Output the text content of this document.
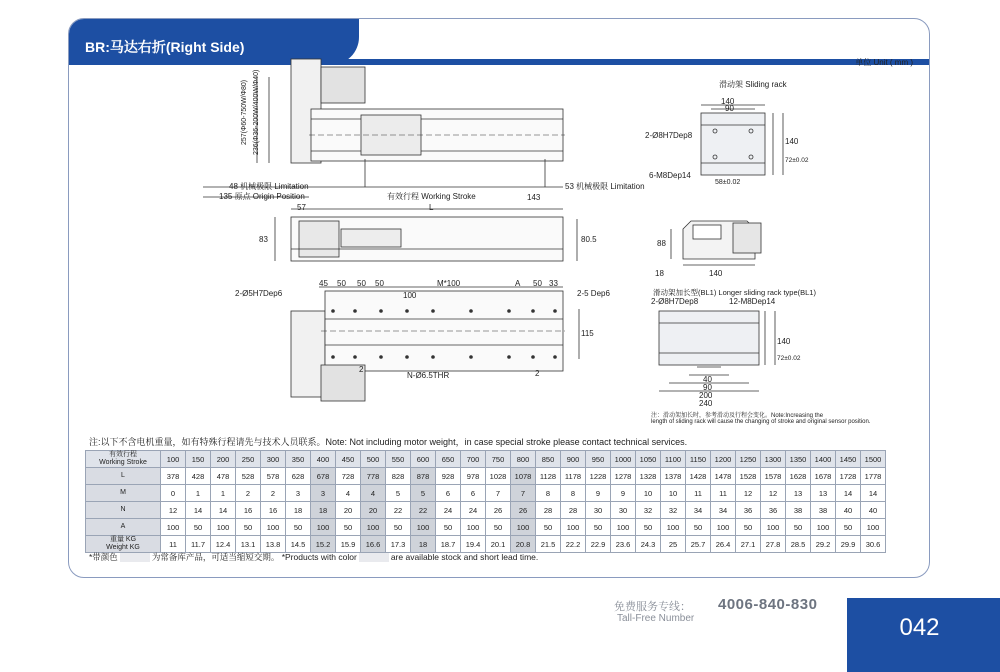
BR:马达右折(Right Side)
单位 Unit ( mm )
257(Ф60-750W/Ф80) 236(Ф36-200W/400W/Ф40)
48 机械极限 Limitation
135 原点 Origin Position	有效行程 Working Stroke
53 机械极限 Limitation
143
57	L
83	80.5
45 50 50 50	M*100	A 50 33
100
115
2	2
2-Ø5H7Dep6	2-5 Dep6
N-Ø6.5THR
滑动架 Sliding rack
140
90
2-Ø8H7Dep8
6-M8Dep14
58±0.02
140
72±0.02
88
18	140
滑动架加长型(BL1) Longer sliding rack type(BL1)
2-Ø8H7Dep8	12-M8Dep14
40
90
200
240
140
72±0.02
注：滑动架加长时，参考滑动及行程会变化。Note:Increasing the
length of sliding rack will cause the changing of stroke and original sensor position.
注:以下不含电机重量，如有特殊行程请先与技术人员联系。Note: Not including motor weight，in case special stroke please contact technical services.
有效行程
Working Stroke	100	150	200	250	300	350	400	450	500	550	600	650	700	750	800	850	900	950	1000	1050	1100	1150	1200	1250	1300	1350	1400	1450	1500
L	378	428	478	528	578	628	678	728	778	828	878	928	978	1028	1078	1128	1178	1228	1278	1328	1378	1428	1478	1528	1578	1628	1678	1728	1778
M	0	1	1	2	2	3	3	4	4	5	5	6	6	7	7	8	8	9	9	10	10	11	11	12	12	13	13	14	14
N	12	14	14	16	16	18	18	20	20	22	22	24	24	26	26	28	28	30	30	32	32	34	34	36	36	38	38	40	40
A	100	50	100	50	100	50	100	50	100	50	100	50	100	50	100	50	100	50	100	50	100	50	100	50	100	50	100	50	100
重量 KG
Weight KG	11	11.7	12.4	13.1	13.8	14.5	15.2	15.9	16.6	17.3	18	18.7	19.4	20.1	20.8	21.5	22.2	22.9	23.6	24.3	25	25.7	26.4	27.1	27.8	28.5	29.2	29.9	30.6
*带颜色	为常备库产品，可适当缩短交期。 *Products with color	are available stock and short lead time.
免费服务专线： 4006-840-830
Tall-Free Number	042
